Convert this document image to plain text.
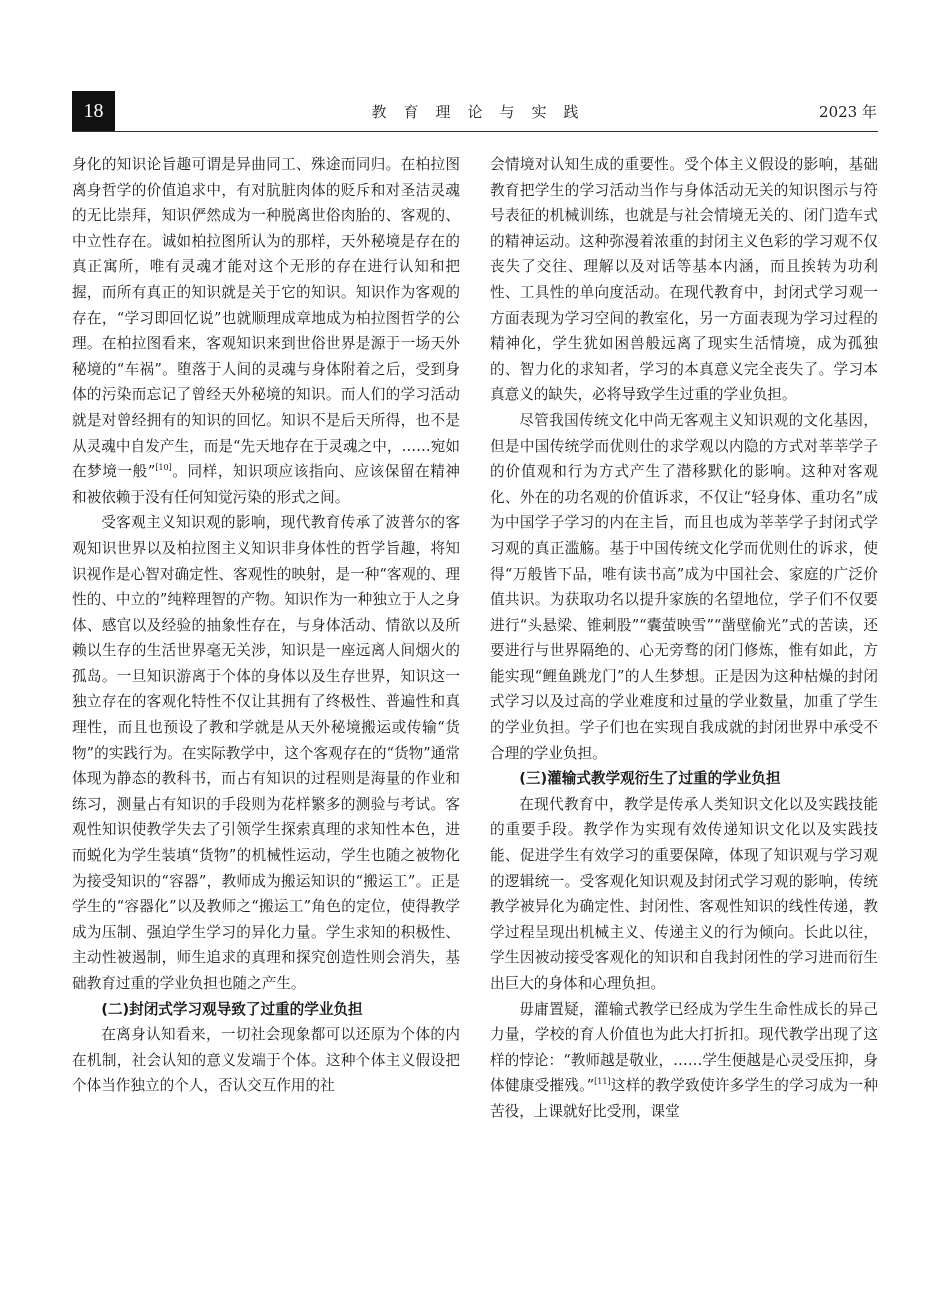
18	教育理论与实践	2023 年

身化的知识论旨趣可谓是异曲同工、殊途而同归。在柏拉图离身哲学的价值追求中，有对肮脏肉体的贬斥和对圣洁灵魂的无比崇拜，知识俨然成为一种脱离世俗肉胎的、客观的、中立性存在。诚如柏拉图所认为的那样，天外秘境是存在的真正寓所，唯有灵魂才能对这个无形的存在进行认知和把握，而所有真正的知识就是关于它的知识。知识作为客观的存在，“学习即回忆说”也就顺理成章地成为柏拉图哲学的公理。在柏拉图看来，客观知识来到世俗世界是源于一场天外秘境的“车祸”。堕落于人间的灵魂与身体附着之后，受到身体的污染而忘记了曾经天外秘境的知识。而人们的学习活动就是对曾经拥有的知识的回忆。知识不是后天所得，也不是从灵魂中自发产生，而是“先天地存在于灵魂之中，……宛如在梦境一般”[10]。同样，知识项应该指向、应该保留在精神和被依赖于没有任何知觉污染的形式之间。

受客观主义知识观的影响，现代教育传承了波普尔的客观知识世界以及柏拉图主义知识非身体性的哲学旨趣，将知识视作是心智对确定性、客观性的映射，是一种“客观的、理性的、中立的”纯粹理智的产物。知识作为一种独立于人之身体、感官以及经验的抽象性存在，与身体活动、情欲以及所赖以生存的生活世界毫无关涉，知识是一座远离人间烟火的孤岛。一旦知识游离于个体的身体以及生存世界，知识这一独立存在的客观化特性不仅让其拥有了终极性、普遍性和真理性，而且也预设了教和学就是从天外秘境搬运或传输“货物”的实践行为。在实际教学中，这个客观存在的“货物”通常体现为静态的教科书，而占有知识的过程则是海量的作业和练习，测量占有知识的手段则为花样繁多的测验与考试。客观性知识使教学失去了引领学生探索真理的求知性本色，进而蜕化为学生装填“货物”的机械性运动，学生也随之被物化为接受知识的“容器”，教师成为搬运知识的“搬运工”。正是学生的“容器化”以及教师之“搬运工”角色的定位，使得教学成为压制、强迫学生学习的异化力量。学生求知的积极性、主动性被遏制，师生追求的真理和探究创造性则会消失，基础教育过重的学业负担也随之产生。

(二)封闭式学习观导致了过重的学业负担

在离身认知看来，一切社会现象都可以还原为个体的内在机制，社会认知的意义发端于个体。这种个体主义假设把个体当作独立的个人，否认交互作用的社

会情境对认知生成的重要性。受个体主义假设的影响，基础教育把学生的学习活动当作与身体活动无关的知识图示与符号表征的机械训练，也就是与社会情境无关的、闭门造车式的精神运动。这种弥漫着浓重的封闭主义色彩的学习观不仅丧失了交往、理解以及对话等基本内涵，而且挨转为功利性、工具性的单向度活动。在现代教育中，封闭式学习观一方面表现为学习空间的教室化，另一方面表现为学习过程的精神化，学生犹如困兽般远离了现实生活情境，成为孤独的、智力化的求知者，学习的本真意义完全丧失了。学习本真意义的缺失，必将导致学生过重的学业负担。

尽管我国传统文化中尚无客观主义知识观的文化基因，但是中国传统学而优则仕的求学观以内隐的方式对莘莘学子的价值观和行为方式产生了潜移默化的影响。这种对客观化、外在的功名观的价值诉求，不仅让“轻身体、重功名”成为中国学子学习的内在主旨，而且也成为莘莘学子封闭式学习观的真正滥觞。基于中国传统文化学而优则仕的诉求，使得“万般皆下品，唯有读书高”成为中国社会、家庭的广泛价值共识。为获取功名以提升家族的名望地位，学子们不仅要进行“头悬梁、锥刺股”“囊萤映雪”“凿壁偷光”式的苦读，还要进行与世界隔绝的、心无旁骛的闭门修炼，惟有如此，方能实现“鲤鱼跳龙门”的人生梦想。正是因为这种枯燥的封闭式学习以及过高的学业难度和过量的学业数量，加重了学生的学业负担。学子们也在实现自我成就的封闭世界中承受不合理的学业负担。

(三)灌输式教学观衍生了过重的学业负担

在现代教育中，教学是传承人类知识文化以及实践技能的重要手段。教学作为实现有效传递知识文化以及实践技能、促进学生有效学习的重要保障，体现了知识观与学习观的逻辑统一。受客观化知识观及封闭式学习观的影响，传统教学被异化为确定性、封闭性、客观性知识的线性传递，教学过程呈现出机械主义、传递主义的行为倾向。长此以往，学生因被动接受客观化的知识和自我封闭性的学习进而衍生出巨大的身体和心理负担。

毋庸置疑，灌输式教学已经成为学生生命性成长的异己力量，学校的育人价值也为此大打折扣。现代教学出现了这样的悖论：“教师越是敬业，……学生便越是心灵受压抑，身体健康受摧残。”[11]这样的教学致使许多学生的学习成为一种苦役，上课就好比受刑，课堂
